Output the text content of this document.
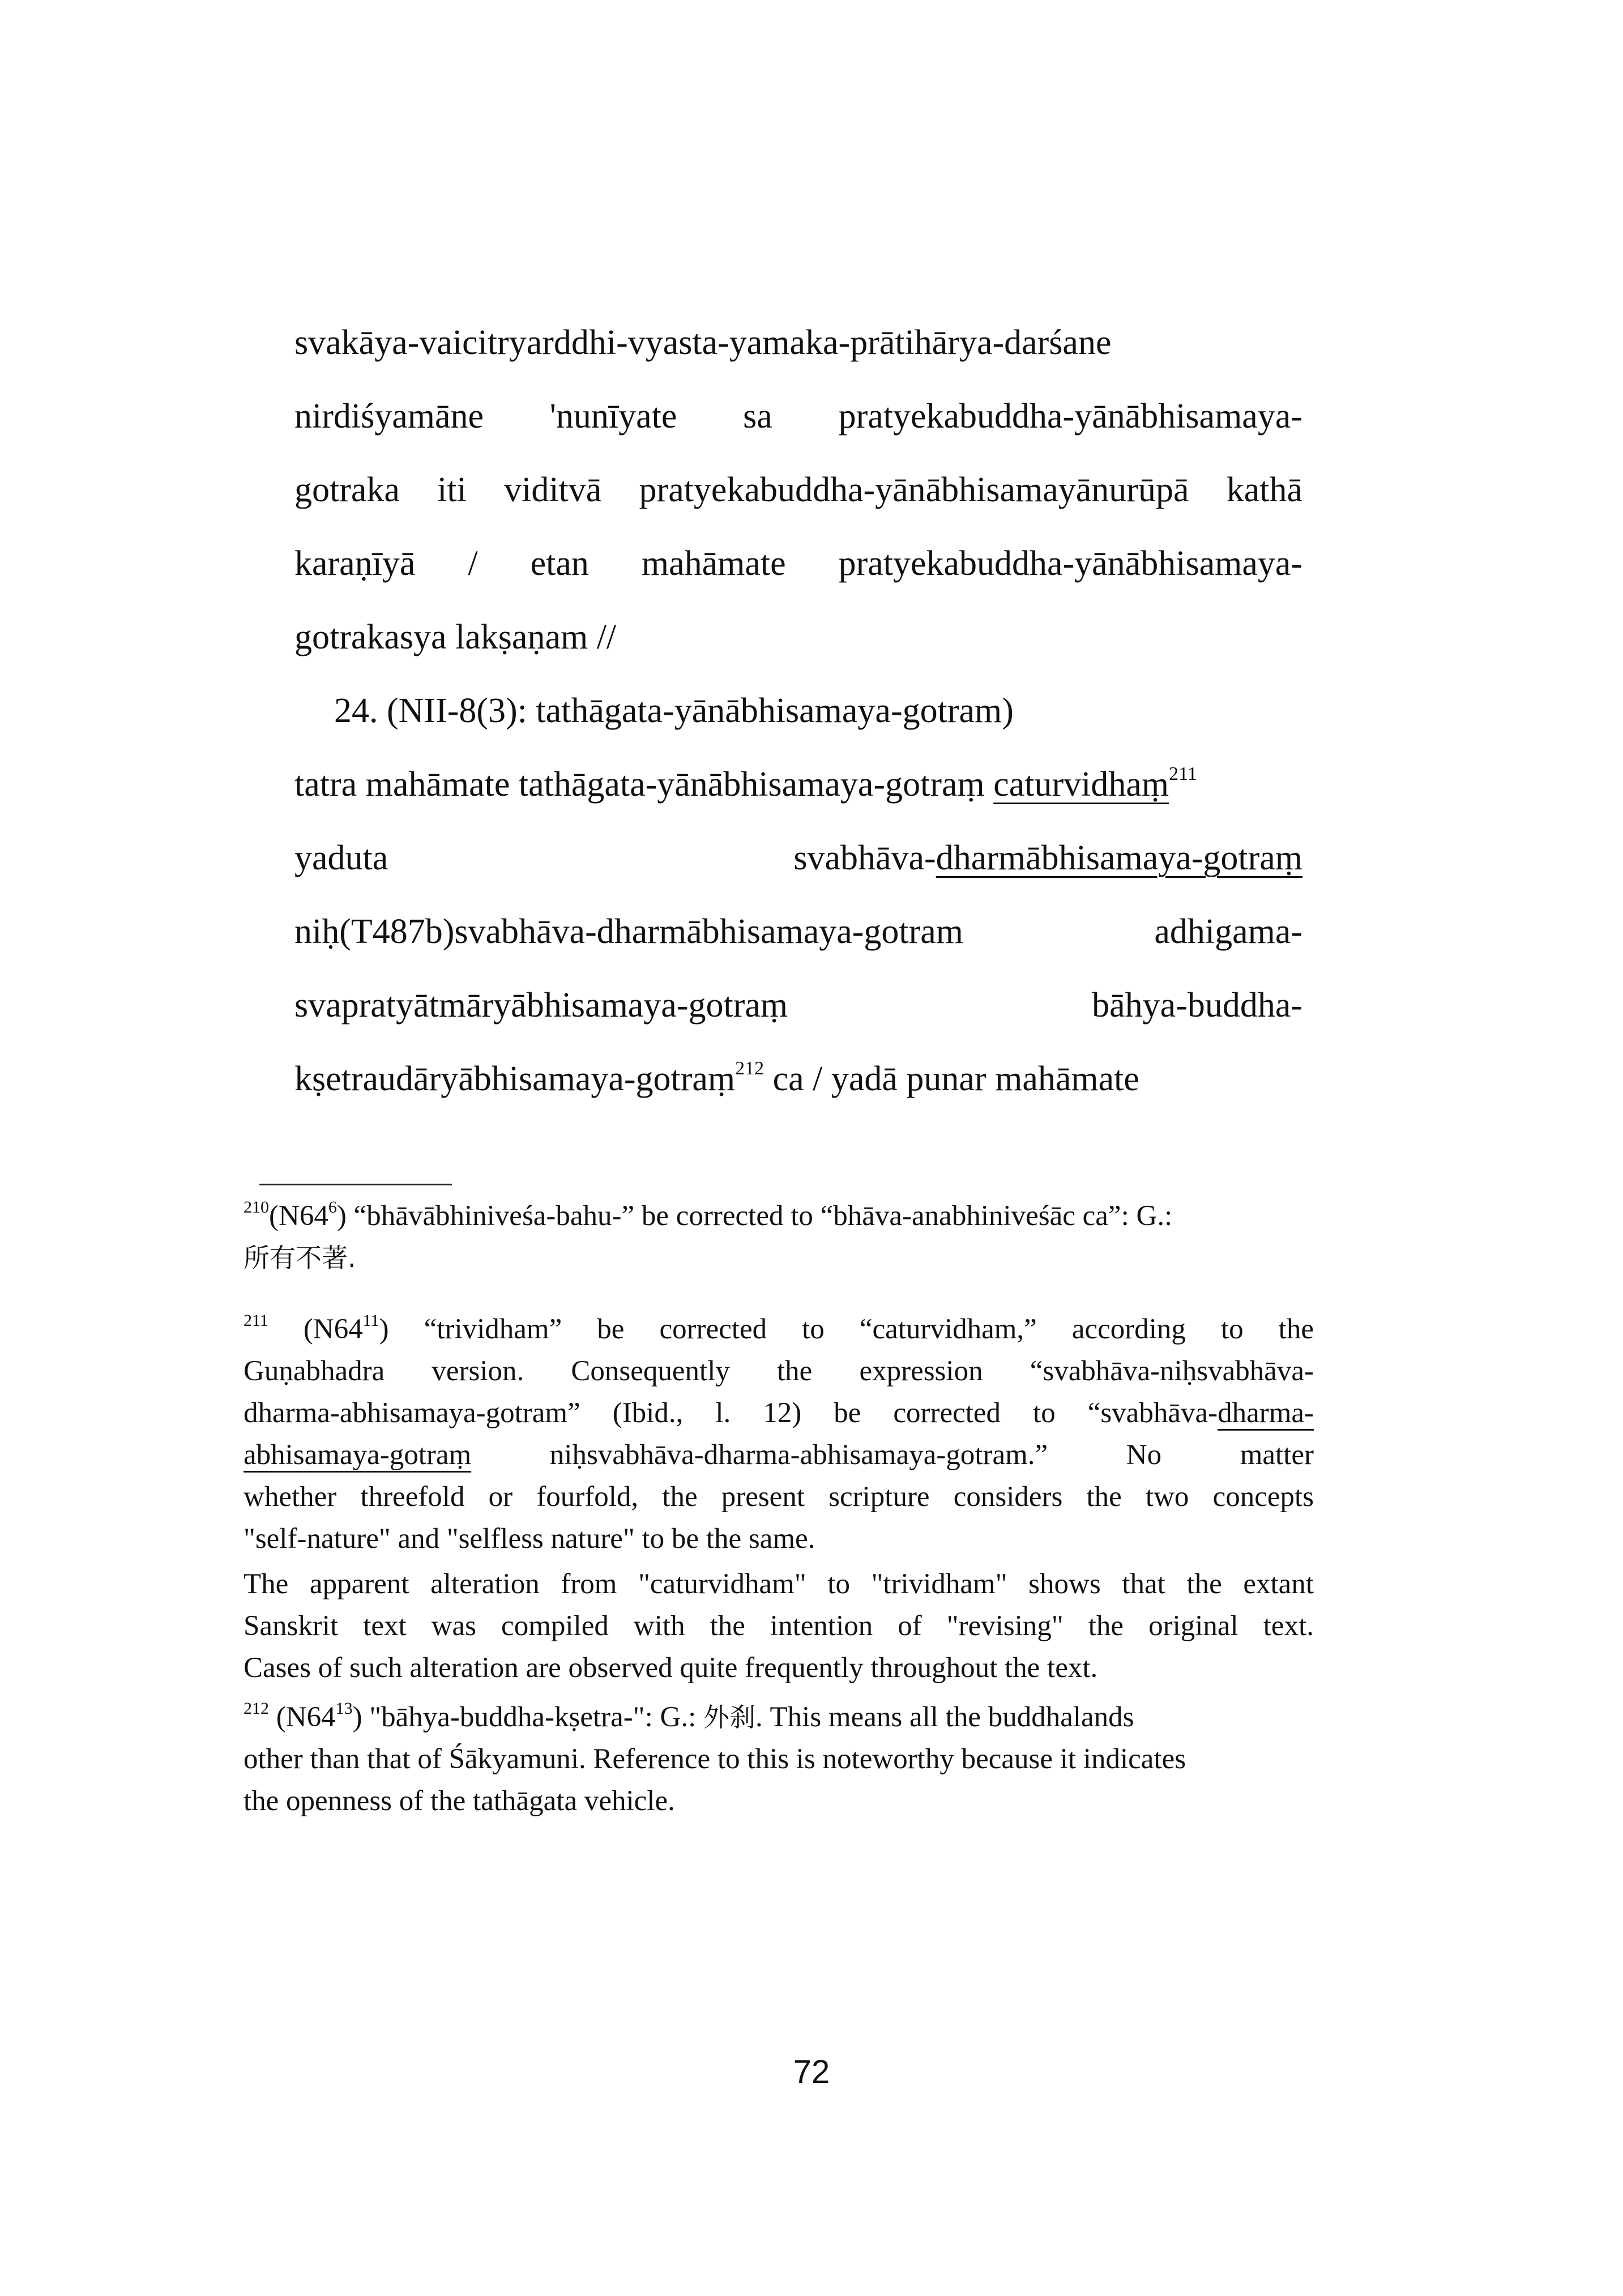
svakāya-vaicitryarddhi-vyasta-yamaka-prātihārya-darśane
nirdiśyamāne 'nunīyate sa pratyekabuddha-yānābhisamaya-
gotraka iti viditvā pratyekabuddha-yānābhisamayānurūpā kathā
karaṇīyā / etan mahāmate pratyekabuddha-yānābhisamaya-
gotrakasya lakṣaṇam //
24. (NII-8(3): tathāgata-yānābhisamaya-gotram)
tatra mahāmate tathāgata-yānābhisamaya-gotraṃ caturvidhaṃ$^{211}$
yaduta	svabhāva-dharmābhisamaya-gotraṃ
niḥ(T487b)svabhāva-dharmābhisamaya-gotram adhigama-
svapratyātmāryābhisamaya-gotraṃ bāhya-buddha-
kṣetraudāryābhisamaya-gotraṃ$^{212}$ ca / yadā punar mahāmate
$^{210}(N64^6)$ “bhāvābhiniveśa-bahu-” be corrected to “bhāva-anabhiniveśāc ca”: G.:
所有不著.
$^{211}$ $(N64^{11})$ “trividham” be corrected to “caturvidham,” according to the
Guṇabhadra version. Consequently the expression “svabhāva-niḥsvabhāva-
dharma-abhisamaya-gotram” (Ibid., l. 12) be corrected to “svabhāva-dharma-
abhisamaya-gotraṃ niḥsvabhāva-dharma-abhisamaya-gotram.” No matter
whether threefold or fourfold, the present scripture considers the two concepts
"self-nature" and "selfless nature" to be the same.
The apparent alteration from "caturvidham" to "trividham" shows that the extant
Sanskrit text was compiled with the intention of "revising" the original text.
Cases of such alteration are observed quite frequently throughout the text.
$^{212}$ $(N64^{13})$ "bāhya-buddha-kṣetra-": G.: 外刹. This means all the buddhalands
other than that of Śākyamuni. Reference to this is noteworthy because it indicates
the openness of the tathāgata vehicle.
72
